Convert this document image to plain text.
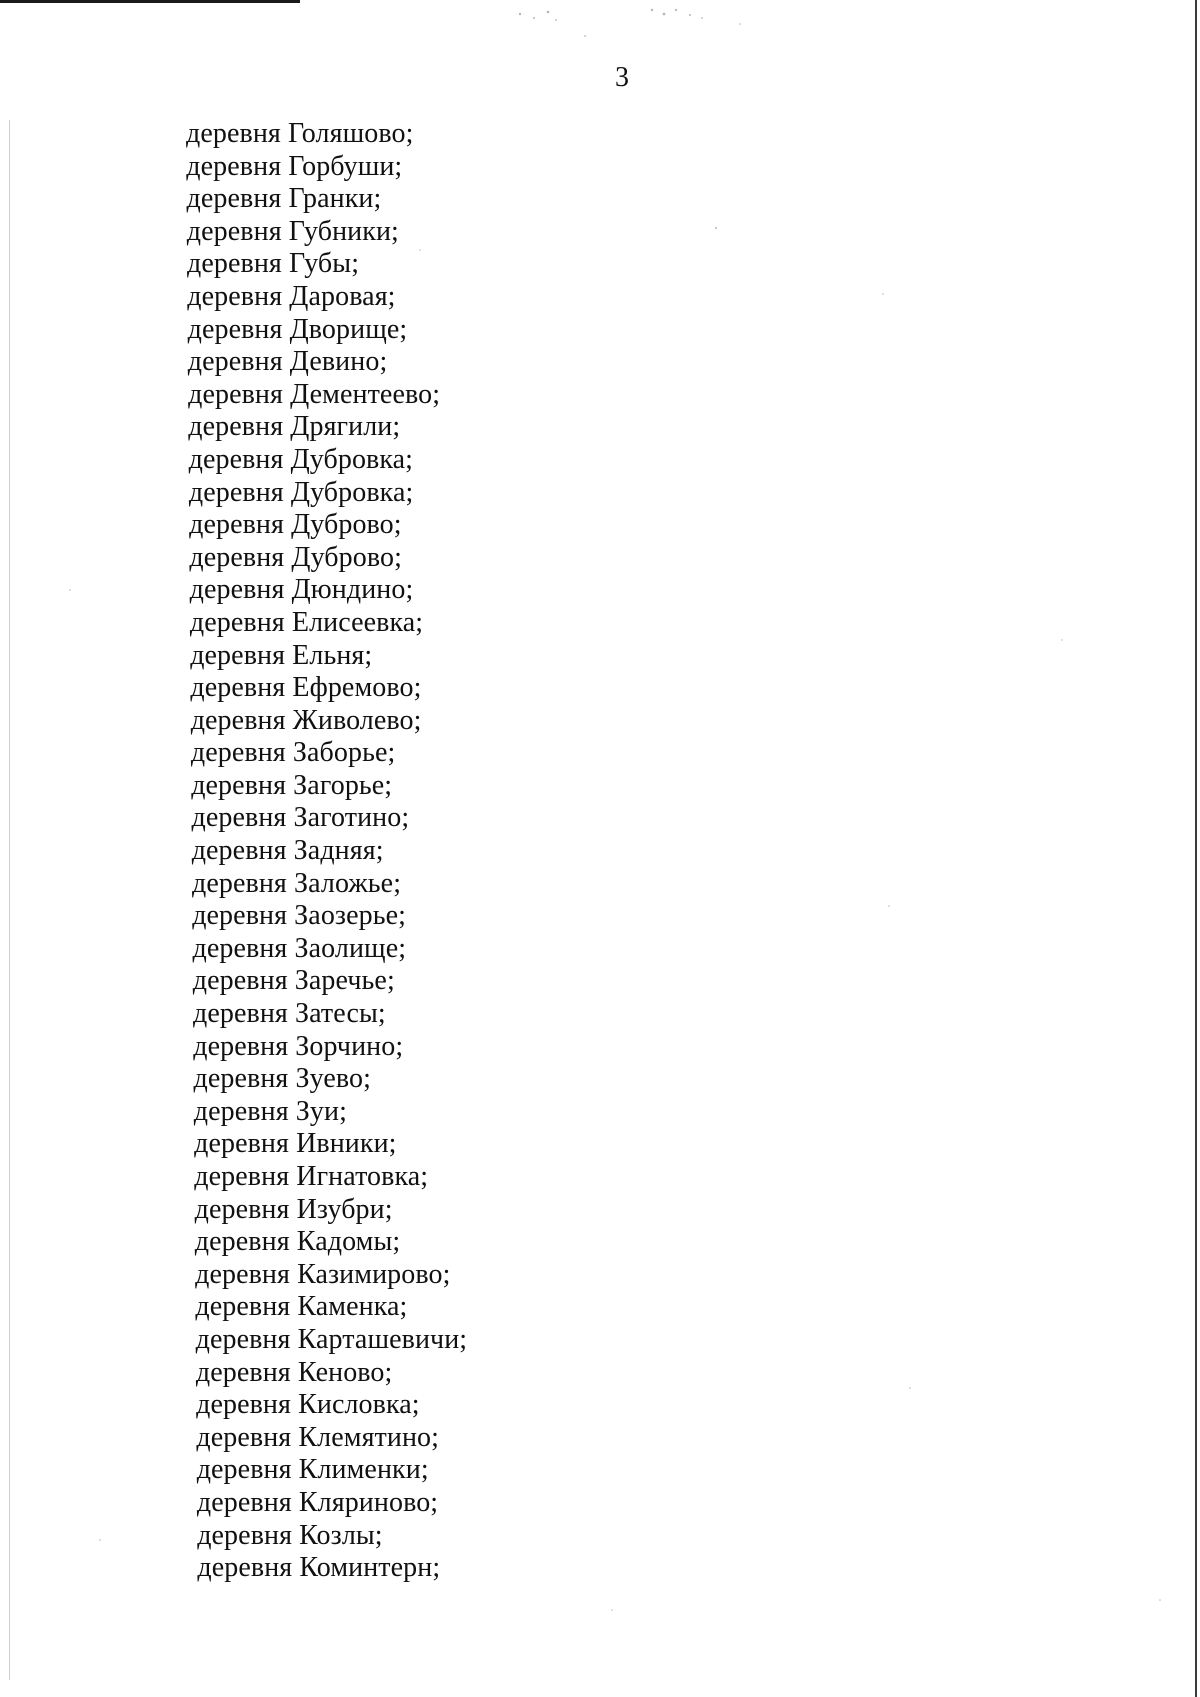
3
деревня Голяшово;
деревня Горбуши;
деревня Гранки;
деревня Губники;
деревня Губы;
деревня Даровая;
деревня Дворище;
деревня Девино;
деревня Дементеево;
деревня Дрягили;
деревня Дубровка;
деревня Дубровка;
деревня Дуброво;
деревня Дуброво;
деревня Дюндино;
деревня Елисеевка;
деревня Ельня;
деревня Ефремово;
деревня Живолево;
деревня Заборье;
деревня Загорье;
деревня Заготино;
деревня Задняя;
деревня Заложье;
деревня Заозерье;
деревня Заолище;
деревня Заречье;
деревня Затесы;
деревня Зорчино;
деревня Зуево;
деревня Зуи;
деревня Ивники;
деревня Игнатовка;
деревня Изубри;
деревня Кадомы;
деревня Казимирово;
деревня Каменка;
деревня Карташевичи;
деревня Кеново;
деревня Кисловка;
деревня Клемятино;
деревня Клименки;
деревня Кляриново;
деревня Козлы;
деревня Коминтерн;
